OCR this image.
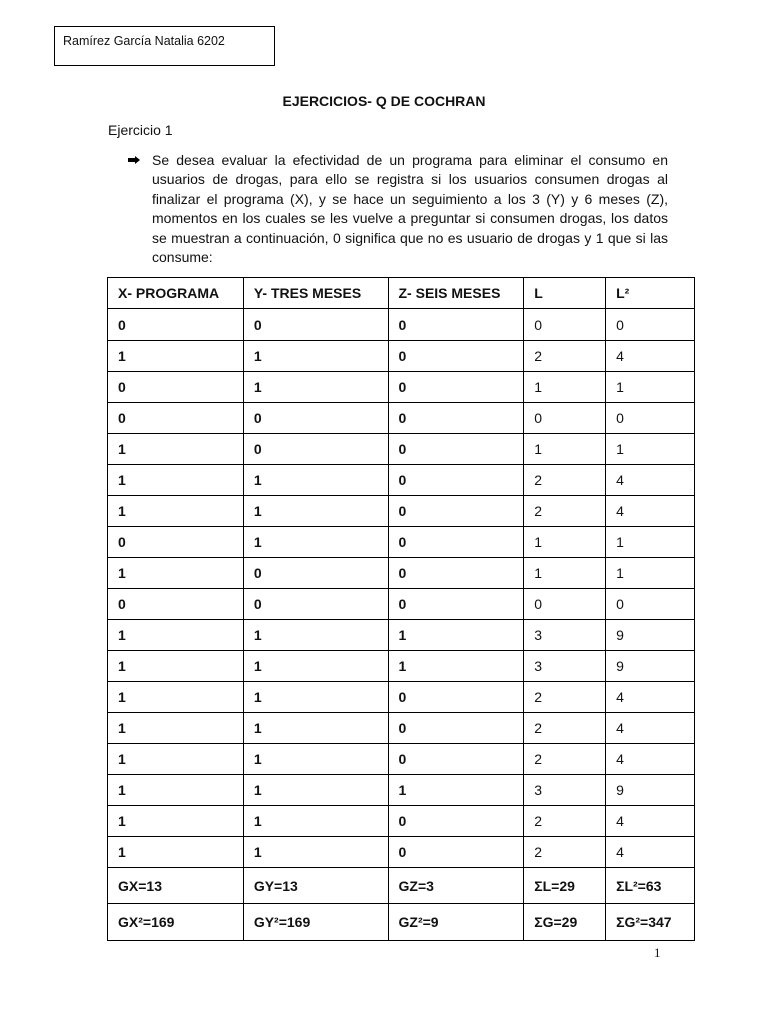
Ramírez García Natalia 6202
EJERCICIOS- Q DE COCHRAN
Ejercicio 1
Se desea evaluar la efectividad de un programa para eliminar el consumo en usuarios de drogas, para ello se registra si los usuarios consumen drogas al finalizar el programa (X), y se hace un seguimiento a los 3 (Y) y 6 meses (Z), momentos en los cuales se les vuelve a preguntar si consumen drogas, los datos se muestran a continuación, 0 significa que no es usuario de drogas y 1 que si las consume:
X- PROGRAMA	Y- TRES MESES	Z- SEIS MESES	L	L²
0	0	0	0	0
1	1	0	2	4
0	1	0	1	1
0	0	0	0	0
1	0	0	1	1
1	1	0	2	4
1	1	0	2	4
0	1	0	1	1
1	0	0	1	1
0	0	0	0	0
1	1	1	3	9
1	1	1	3	9
1	1	0	2	4
1	1	0	2	4
1	1	0	2	4
1	1	1	3	9
1	1	0	2	4
1	1	0	2	4
GX=13	GY=13	GZ=3	ΣL=29	ΣL²=63
GX²=169	GY²=169	GZ²=9	ΣG=29	ΣG²=347
1
